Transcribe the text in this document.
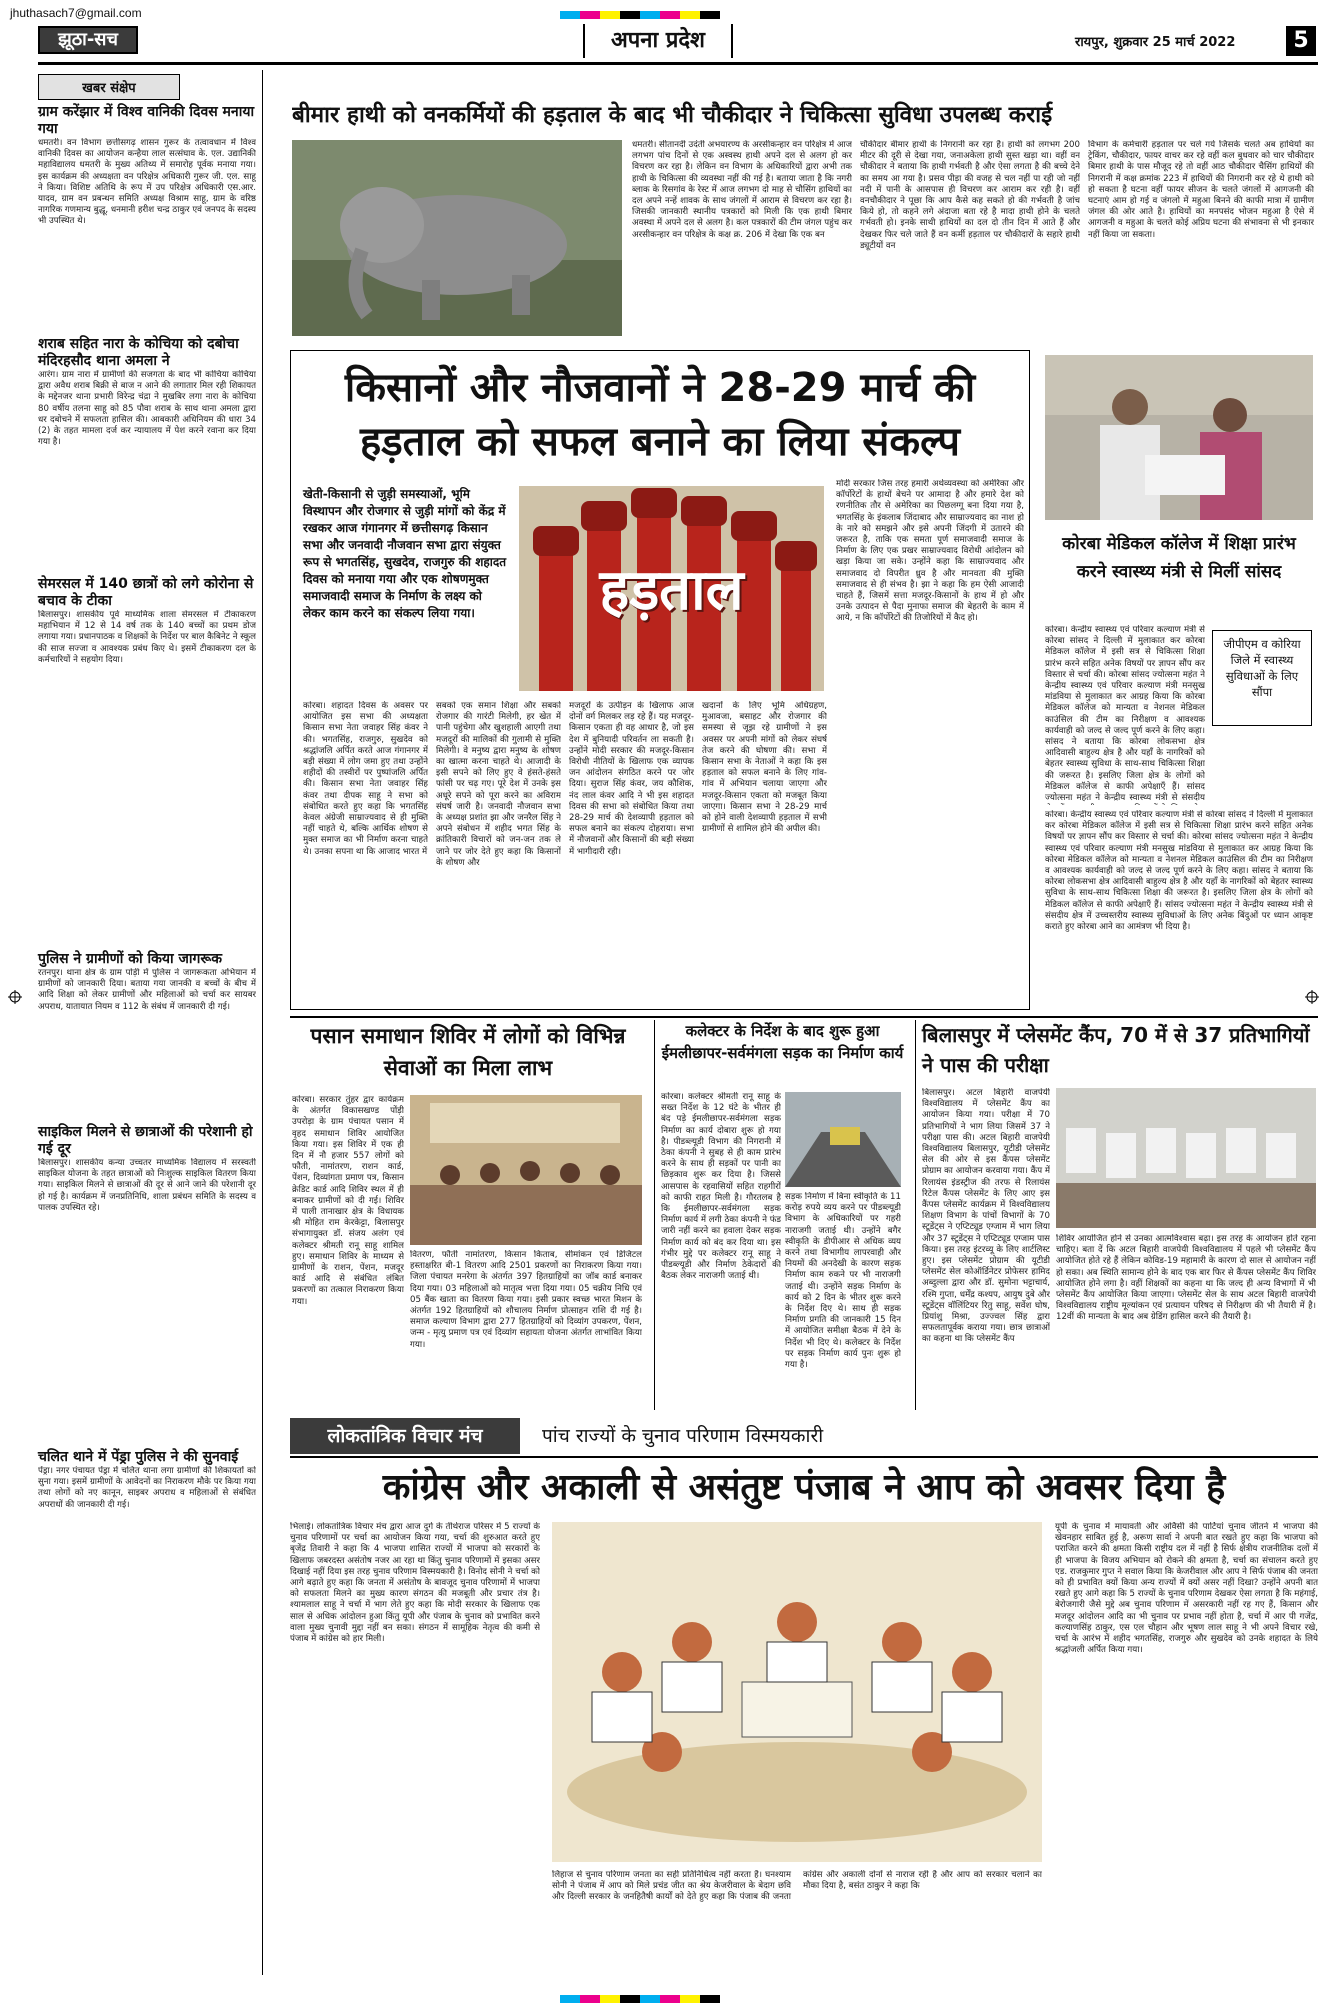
jhuthasach7@gmail.com
झूठा-सच	अपना प्रदेश	रायपुर, शुक्रवार 25 मार्च 2022	5
खबर संक्षेप
ग्राम करेंझार में विश्व वानिकी दिवस मनाया गया
धमतरी। वन विभाग छत्तीसगढ़ शासन गुरूर के तत्वावधान में विश्व वानिकी दिवस का आयोजन कन्हैया लाल सत्संघाव के. एल. उद्यानिकी महाविद्यालय धमतरी के मुख्य अतिथ्य में समारोह पूर्वक मनाया गया। इस कार्यक्रम की अध्यक्षता वन परिक्षेत्र अधिकारी गुरूर जी. एल. साहू ने किया। विशिष्ट अतिथि के रूप में उप परिक्षेत्र अधिकारी एस.आर. यादव, ग्राम वन प्रबन्धन समिति अध्यक्ष विश्राम साहू, ग्राम के वरिष्ठ नागरिक गणमान्य बुद्धू, धनमानी हरीश चन्द्र ठाकुर एवं जनपद के सदस्य भी उपस्थित थे।
शराब सहित नारा के कोचिया को दबोचा मंदिरहसौद थाना अमला ने
आरंग। ग्राम नारा में ग्रामीणों की सजगता के बाद भी कोचिया कोचिया द्वारा अवैध शराब बिक्री से बाज न आने की लगातार मिल रही शिकायत के मद्देनजर थाना प्रभारी विरेन्द्र चंद्रा ने मुखबिर लगा नारा के कोचिया 80 वर्षीय तलना साहू को 85 पौवा शराब के साथ थाना अमला द्वारा धर दबोचने में सफलता हासिल की। आबकारी अधिनियम की धारा 34 (2) के तहत मामला दर्ज कर न्यायालय में पेश करने रवाना कर दिया गया है।
सेमरसल में 140 छात्रों को लगे कोरोना से बचाव के टीका
बिलासपुर। शासकीय पूर्व माध्यमिक शाला सेमरसल में टीकाकरण महाभियान में 12 से 14 वर्ष तक के 140 बच्चों का प्रथम डोज लगाया गया। प्रधानपाठक व शिक्षकों के निर्देश पर बाल कैबिनेट ने स्कूल की साज सज्जा व आवश्यक प्रबंध किए थे। इसमें टीकाकरण दल के कर्मचारियों ने सहयोग दिया।
पुलिस ने ग्रामीणों को किया जागरूक
रतनपुर। थाना क्षेत्र के ग्राम पोड़ी में पुलिस ने जागरूकता अभियान में ग्रामीणों को जानकारी दिया। बताया गया जानकी व बच्चों के बीच में आदि शिक्षा को लेकर ग्रामीणों और महिलाओं को चर्चा कर सायबर अपराध, यातायात नियम व 112 के संबंध में जानकारी दी गई।
साइकिल मिलने से छात्राओं की परेशानी हो गई दूर
बिलासपुर। शासकीय कन्या उच्चतर माध्यमिक विद्यालय में सरस्वती साइकिल योजना के तहत छात्राओं को निःशुल्क साइकिल वितरण किया गया। साइकिल मिलने से छात्राओं की दूर से आने जाने की परेशानी दूर हो गई है। कार्यक्रम में जनप्रतिनिधि, शाला प्रबंधन समिति के सदस्य व पालक उपस्थित रहे।
चलित थाने में पेंड्रा पुलिस ने की सुनवाई
पेंड्रा। नगर पंचायत पेंड्रा में चलित थाना लगा ग्रामीणों की शिकायतों को सुना गया। इसमें ग्रामीणों के आवेदनों का निराकरण मौके पर किया गया तथा लोगों को नए कानून, साइबर अपराध व महिलाओं से संबंधित अपराधों की जानकारी दी गई।
बीमार हाथी को वनकर्मियों की हड़ताल के बाद भी चौकीदार ने चिकित्सा सुविधा उपलब्ध कराई
धमतरी। सीतानदी उदंती अभयारण्य के अरसीकन्हार वन परिक्षेत्र में आज लगभग पांच दिनों से एक अस्वस्थ हाथी अपने दल से अलग हो कर विचरण कर रहा है। लेकिन वन विभाग के अधिकारियों द्वारा अभी तक हाथी के चिकित्सा की व्यवस्था नहीं की गई है। बताया जाता है कि नगरी ब्लाक के रिसगांव के रेस्ट में आज लगभग दो माह से चौसिंग हाथियों का दल अपने नन्हें शावक के साथ जंगलों में आराम से विचरण कर रहा है। जिसकी जानकारी स्थानीय पत्रकारों को मिली कि एक हाथी बिमार अवस्था में अपने दल से अलग है। कल पत्रकारों की टीम जंगल पहुंच कर अरसीकन्हार वन परिक्षेत्र के कक्ष क्र. 206 में देखा कि एक बन
चौकीदार बीमार हाथी के निगरानी कर रहा है। हाथी को लगभग 200 मीटर की दूरी से देखा गया, जनाअकेला हाथी सुस्त खड़ा था। वहीं वन चौकीदार ने बताया कि हाथी गर्भवती है और ऐसा लगता है की बच्चे देने का समय आ गया है। प्रसव पीड़ा की वजह से चल नहीं पा रही जो नहीं नदी में पानी के आसपास ही विचरण कर आराम कर रही है। वहीं वनचौकीदार ने पूछा कि आप कैसे कह सकते हो की गर्भवती है जांच किये हो, तो कहने लगे अंदाजा बता रहे है मादा हाथी होने के चलते गर्भवती हो। इनके साथी हाथियों का दल दो तीन दिन में आते हैं और देखकर फिर चले जाते हैं वन कर्मी हड़ताल पर चौकीदारों के सहारे हाथी ड्यूटीयों वन
विभाग के कर्मचारी हड़ताल पर चले गये जिसके चलते अब हाथियों का ट्रेकिंग, चौकीदार, फायर वाचर कर रहे वहीं कल बुधवार को चार चौकीदार बिमार हाथी के पास मौजूद रहे तो वहीं आठ चौकीदार चैसिंग हाथियों की निगरानी में कक्ष क्रमांक 223 में हाथियों की निगरानी कर रहे थे हाथी को हो सकता है घटना वहीं फायर सीजन के चलते जंगलों में आगजनी की घटनाएं आम हो गई व जंगलो में महुआ बिनने की काफी मात्रा में ग्रामीण जंगल की ओर आते है। हाथियों का मनपसंद भोजन महुआ है ऐसे में आगजनी व महुआ के चलते कोई अप्रिय घटना की संभावना से भी इनकार नहीं किया जा सकता।
किसानों और नौजवानों ने 28-29 मार्च की
हड़ताल को सफल बनाने का लिया संकल्प
खेती-किसानी से जुड़ी समस्याओं, भूमि विस्थापन और रोजगार से जुड़ी मांगों को केंद्र में रखकर आज गंगानगर में छत्तीसगढ़ किसान सभा और जनवादी नौजवान सभा द्वारा संयुक्त रूप से भगतसिंह, सुखदेव, राजगुरु की शहादत दिवस को मनाया गया और एक शोषणमुक्त समाजवादी समाज के निर्माण के लक्ष्य को लेकर काम करने का संकल्प लिया गया।	हड़ताल
मोदी सरकार जिस तरह हमारी अर्थव्यवस्था को अमेरिका और कॉर्पोरेटों के हाथों बेचने पर आमादा है और हमारे देश को रणनीतिक तौर से अमेरिका का पिछलग्गू बना दिया गया है, भगतसिंह के इंकलाब जिंदाबाद और साम्राज्यवाद का नाश हो के नारे को समझने और इसे अपनी जिंदगी में उतारने की जरूरत है, ताकि एक समता पूर्ण समाजवादी समाज के निर्माण के लिए एक प्रखर साम्राज्यवाद विरोधी आंदोलन को खड़ा किया जा सके। उन्होंने कहा कि साम्राज्यवाद और समाजवाद दो विपरीत ध्रुव है और मानवता की मुक्ति समाजवाद से ही संभव है। झा ने कहा कि हम ऐसी आजादी चाहते हैं, जिसमें सत्ता मजदूर-किसानों के हाथ में हो और उनके उत्पादन से पैदा मुनाफा समाज की बेहतरी के काम में आये, न कि कॉर्पोरेटों की तिजोरियों में कैद हो।
कोरबा। शहादत दिवस के अवसर पर आयोजित इस सभा की अध्यक्षता किसान सभा नेता जवाहर सिंह कंवर ने की। भगतसिंह, राजगुरु, सुखदेव को श्रद्धांजलि अर्पित करते आज गंगानगर में बड़ी संख्या में लोग जमा हुए तथा उन्होंने शहीदों की तस्वीरों पर पुष्पांजलि अर्पित की। किसान सभा नेता जवाहर सिंह कंवर तथा दीपक साहू ने सभा को संबोधित करते हुए कहा कि भगतसिंह केवल अंग्रेजी साम्राज्यवाद से ही मुक्ति नहीं चाहते थे, बल्कि आर्थिक शोषण से मुक्त समाज का भी निर्माण करना चाहते थे। उनका सपना था कि आजाद भारत में
सबको एक समान शिक्षा और सबको रोजगार की गारंटी मिलेगी, हर खेत में पानी पहुंचेगा और खुशहाली आएगी तथा मजदूरों की मालिकों की गुलामी से मुक्ति मिलेगी। वे मनुष्य द्वारा मनुष्य के शोषण का खात्मा करना चाहते थे। आजादी के इसी सपने को लिए हुए वे हंसते-हंसते फांसी पर चढ़ गए। पूरे देश में उनके इस अधूरे सपने को पूरा करने का अविराम संघर्ष जारी है। जनवादी नौजवान सभा के अध्यक्ष प्रशांत झा और जनरैल सिंह ने अपने संबोधन में शहीद भगत सिंह के क्रांतिकारी विचारों को जन-जन तक ले जाने पर जोर देते हुए कहा कि किसानों के शोषण और
मजदूरों के उत्पीड़न के खिलाफ आज दोनों वर्ग मिलकर लड़ रहे हैं। यह मजदूर-किसान एकता ही वह आधार है, जो इस देश में बुनियादी परिवर्तन ला सकती है। उन्होंने मोदी सरकार की मजदूर-किसान विरोधी नीतियों के खिलाफ एक व्यापक जन आंदोलन संगठित करने पर जोर दिया। सुराज सिंह कंवर, जय कौशिक, नंद लाल कंवर आदि ने भी इस शहादत दिवस की सभा को संबोधित किया तथा 28-29 मार्च की देशव्यापी हड़ताल को सफल बनाने का संकल्प दोहराया। सभा में नौजवानों और किसानों की बड़ी संख्या में भागीदारी रही।
खदानों के लिए भूमि अधिग्रहण, मुआवजा, बसाहट और रोजगार की समस्या से जूझ रहे ग्रामीणों ने इस अवसर पर अपनी मांगों को लेकर संघर्ष तेज करने की घोषणा की। सभा में किसान सभा के नेताओं ने कहा कि इस हड़ताल को सफल बनाने के लिए गांव-गांव में अभियान चलाया जाएगा और मजदूर-किसान एकता को मजबूत किया जाएगा। किसान सभा ने 28-29 मार्च को होने वाली देशव्यापी हड़ताल में सभी ग्रामीणों से शामिल होने की अपील की।
कोरबा मेडिकल कॉलेज में शिक्षा प्रारंभ करने स्वास्थ्य मंत्री से मिलीं सांसद
कोरबा। केन्द्रीय स्वास्थ्य एवं परिवार कल्याण मंत्री से कोरबा सांसद ने दिल्ली में मुलाकात कर कोरबा मेडिकल कॉलेज में इसी सत्र से चिकित्सा शिक्षा प्रारंभ करने सहित अनेक विषयों पर ज्ञापन सौंप कर विस्तार से चर्चा की। कोरबा सांसद ज्योत्सना महंत ने केन्द्रीय स्वास्थ्य एवं परिवार कल्याण मंत्री मनसुख मांडविया से मुलाकात कर आग्रह किया कि कोरबा मेडिकल कॉलेज को मान्यता व नेशनल मेडिकल काउंसिल की टीम का निरीक्षण व आवश्यक कार्यवाही को जल्द से जल्द पूर्ण करने के लिए कहा। सांसद ने बताया कि कोरबा लोकसभा क्षेत्र आदिवासी बाहुल्य क्षेत्र है और यहाँ के नागरिकों को बेहतर स्वास्थ्य सुविधा के साथ-साथ चिकित्सा शिक्षा की जरूरत है। इसलिए जिला क्षेत्र के लोगों को मेडिकल कॉलेज से काफी अपेक्षाएँ हैं। सांसद ज्योत्सना महंत ने केन्द्रीय स्वास्थ्य मंत्री से संसदीय
जीपीएम व कोरिया जिले में स्वास्थ्य सुविधाओं के लिए सौंपा
कोरबा। केन्द्रीय स्वास्थ्य एवं परिवार कल्याण मंत्री से कोरबा सांसद ने दिल्ली में मुलाकात कर कोरबा मेडिकल कॉलेज में इसी सत्र से चिकित्सा शिक्षा प्रारंभ करने सहित अनेक विषयों पर ज्ञापन सौंप कर विस्तार से चर्चा की। कोरबा सांसद ज्योत्सना महंत ने केन्द्रीय स्वास्थ्य एवं परिवार कल्याण मंत्री मनसुख मांडविया से मुलाकात कर आग्रह किया कि कोरबा मेडिकल कॉलेज को मान्यता व नेशनल मेडिकल काउंसिल की टीम का निरीक्षण व आवश्यक कार्यवाही को जल्द से जल्द पूर्ण करने के लिए कहा। सांसद ने बताया कि कोरबा लोकसभा क्षेत्र आदिवासी बाहुल्य क्षेत्र है और यहाँ के नागरिकों को बेहतर स्वास्थ्य सुविधा के साथ-साथ चिकित्सा शिक्षा की जरूरत है। इसलिए जिला क्षेत्र के लोगों को मेडिकल कॉलेज से काफी अपेक्षाएँ हैं। सांसद ज्योत्सना महंत ने केन्द्रीय स्वास्थ्य मंत्री से संसदीय क्षेत्र में उच्चस्तरीय स्वास्थ्य सुविधाओं के लिए अनेक बिंदुओं पर ध्यान आकृष्ट कराते हुए कोरबा आने का आमंत्रण भी दिया है।
पसान समाधान शिविर में लोगों को विभिन्न सेवाओं का मिला लाभ
कोरबा। सरकार तुंहर द्वार कार्यक्रम के अंतर्गत विकासखण्ड पोंड़ी उपरोड़ा के ग्राम पंचायत पसान में वृहद समाधान शिविर आयोजित किया गया। इस शिविर में एक ही दिन में नौ हजार 557 लोगों को फौती, नामांतरण, राशन कार्ड, पेंशन, दिव्यांगता प्रमाण पत्र, किसान क्रेडिट कार्ड आदि शिविर स्थल में ही बनाकर ग्रामीणों को दी गई। शिविर में पाली तानाखार क्षेत्र के विधायक श्री मोहित राम केरकेट्टा, बिलासपुर संभागायुक्त डॉ. संजय अलंग एवं कलेक्टर श्रीमती रानू साहू शामिल हुए। समाधान शिविर के माध्यम से ग्रामीणों के राशन, पेंशन, मजदूर कार्ड आदि से संबंधित लंबित प्रकरणों का तत्काल निराकरण किया गया।
वितरण, फौती नामांतरण, किसान किताब, सीमांकन एवं डिजिटल हस्ताक्षरित बी-1 वितरण आदि 2501 प्रकरणों का निराकरण किया गया। जिला पंचायत मनरेगा के अंतर्गत 397 हितग्राहियों का जॉब कार्ड बनाकर दिया गया। 03 महिलाओं को मातृत्व भत्ता दिया गया। 05 चक्रीय निधि एवं 05 बैंक खाता का वितरण किया गया। इसी प्रकार स्वच्छ भारत मिशन के अंतर्गत 192 हितग्राहियों को शौचालय निर्माण प्रोत्साहन राशि दी गई है। समाज कल्याण विभाग द्वारा 277 हितग्राहियों को दिव्यांग उपकरण, पेंशन, जन्म - मृत्यु प्रमाण पत्र एवं दिव्यांग सहायता योजना अंतर्गत लाभांवित किया गया।
कलेक्टर के निर्देश के बाद शुरू हुआ ईमलीछापर-सर्वमंगला सड़क का निर्माण कार्य
कोरबा। कलेक्टर श्रीमती रानू साहू के सख्त निर्देश के 12 घंटे के भीतर ही बंद पड़े ईमलीछापर-सर्वमंगला सड़क निर्माण का कार्य दोबारा शुरू हो गया है। पीडब्ल्यूडी विभाग की निगरानी में ठेका कंपनी ने सुबह से ही काम प्रारंभ करने के साथ ही सड़कों पर पानी का छिड़काव शुरू कर दिया है। जिससे आसपास के रहवासियों सहित राहगीरों को काफी राहत मिली है। गौरतलब है कि ईमलीछापर-सर्वमंगला सड़क निर्माण कार्य में लगी ठेका कंपनी ने फंड जारी नहीं करने का हवाला देकर सड़क निर्माण कार्य को बंद कर दिया था। इस गंभीर मुद्दे पर कलेक्टर रानू साहू ने पीडब्ल्यूडी और निर्माण ठेकेदारों की बैठक लेकर नाराजगी जताई थी।
सड़क निर्माण में बिना स्वीकृति के 11 करोड़ रुपये व्यय करने पर पीडब्ल्यूडी विभाग के अधिकारियों पर गहरी नाराजगी जताई थी। उन्होंने बगैर स्वीकृति के डीपीआर से अधिक व्यय करने तथा विभागीय लापरवाही और नियमों की अनदेखी के कारण सड़क निर्माण काम रुकने पर भी नाराजगी जताई थी। उन्होंने सड़क निर्माण के कार्य को 2 दिन के भीतर शुरू करने के निर्देश दिए थे। साथ ही सड़क निर्माण प्रगति की जानकारी 15 दिन में आयोजित समीक्षा बैठक में देने के निर्देश भी दिए थे। कलेक्टर के निर्देश पर सड़क निर्माण कार्य पुनः शुरू हो गया है।
बिलासपुर में प्लेसमेंट कैंप, 70 में से 37 प्रतिभागियों ने पास की परीक्षा
बिलासपुर। अटल बिहारी वाजपेयी विश्वविद्यालय में प्लेसमेंट कैंप का आयोजन किया गया। परीक्षा में 70 प्रतिभागियों ने भाग लिया जिसमें 37 ने परीक्षा पास की। अटल बिहारी वाजपेयी विश्वविद्यालय बिलासपुर, यूटीडी प्लेसमेंट सेल की ओर से इस कैंपस प्लेसमेंट प्रोग्राम का आयोजन करवाया गया। कैंप में रिलायंस इंडस्ट्रीज की तरफ से रिलायंस रिटेल कैंपस प्लेसमेंट के लिए आए इस कैंपस प्लेसमेंट कार्यक्रम में विश्वविद्यालय शिक्षण विभाग के पांचों विभागों के 70 स्टूडेंट्स ने एप्टिट्यूड एग्जाम में भाग लिया और 37 स्टूडेंट्स ने एप्टिट्यूड एग्जाम पास किया। इस तरह इंटरव्यू के लिए शार्टलिस्ट हुए। इस प्लेसमेंट प्रोग्राम की यूटीडी प्लेसमेंट सेल कोऑर्डिनेटर प्रोफेसर हामिद अब्दुल्ला द्वारा और डॉ. सुमोना भट्टाचार्य, रश्मि गुप्ता, धर्मेंद्र कश्यप, आयुष दुबे और स्टूडेंट्स वॉलिंटियर रितु साहू, सर्वेश घोष, प्रियांशु मिश्रा, उज्ज्वल सिंह द्वारा सफलतापूर्वक कराया गया। छात्र छात्राओं का कहना था कि प्लेसमेंट कैंप
शिविर आयोजित होने से उनका आत्मविश्वास बढ़ा। इस तरह के आयोजन होते रहना चाहिए। बता दें कि अटल बिहारी वाजपेयी विश्वविद्यालय में पहले भी प्लेसमेंट कैंप आयोजित होते रहे हैं लेकिन कोविड-19 महामारी के कारण दो साल से आयोजन नहीं हो सका। अब स्थिति सामान्य होने के बाद एक बार फिर से कैंपस प्लेसमेंट कैंप शिविर आयोजित होने लगा है। वहीं शिक्षकों का कहना था कि जल्द ही अन्य विभागों में भी प्लेसमेंट कैंप आयोजित किया जाएगा। प्लेसमेंट सेल के साथ अटल बिहारी वाजपेयी विश्वविद्यालय राष्ट्रीय मूल्यांकन एवं प्रत्यायन परिषद से निरीक्षण की भी तैयारी में है। 12वीं की मान्यता के बाद अब ग्रेडिंग हासिल करने की तैयारी है।
लोकतांत्रिक विचार मंच	पांच राज्यों के चुनाव परिणाम विस्मयकारी
कांग्रेस और अकाली से असंतुष्ट पंजाब ने आप को अवसर दिया है
भिलाई। लोकतांत्रिक विचार मंच द्वारा आज दुर्ग के तीर्थराज परिसर में 5 राज्यों के चुनाव परिणामों पर चर्चा का आयोजन किया गया, चर्चा की शुरुआत करते हुए बृजेंद्र तिवारी ने कहा कि 4 भाजपा शासित राज्यों में भाजपा को सरकारों के खिलाफ जबरदस्त असंतोष नजर आ रहा था किंतु चुनाव परिणामों में इसका असर दिखाई नहीं दिया इस तरह चुनाव परिणाम विस्मयकारी है। विनोद सोनी ने चर्चा को आगे बढ़ाते हुए कहा कि जनता में असंतोष के बावजूद चुनाव परिणामों में भाजपा को सफलता मिलने का मुख्य कारण संगठन की मजबूती और प्रचार तंत्र है। श्यामलाल साहू ने चर्चा में भाग लेते हुए कहा कि मोदी सरकार के खिलाफ एक साल से अधिक आंदोलन हुआ किंतु यूपी और पंजाब के चुनाव को प्रभावित करने वाला मुख्य चुनावी मुद्दा नहीं बन सका। संगठन में सामूहिक नेतृत्व की कमी से पंजाब में कांग्रेस को हार मिली।
लिहाज से चुनाव परिणाम जनता का सही प्रतिनिधित्व नहीं करता है। घनश्याम सोनी ने पंजाब में आप को मिले प्रचंड जीत का श्रेय केजरीवाल के बेदाग छवि और दिल्ली सरकार के जनहितैषी कार्यों को देते हुए कहा कि पंजाब की जनता कांग्रेस और अकाली दोनों से नाराज रही है और आप को सरकार चलाने का मौका दिया है, बसंत ठाकुर ने कहा कि
यूपी के चुनाव में मायावती और ओवैसी की पार्टियां चुनाव जीतने में भाजपा की खेवनहार साबित हुई है, अरूण सार्वा ने अपनी बात रखते हुए कहा कि भाजपा को पराजित करने की क्षमता किसी राष्ट्रीय दल में नहीं है सिर्फ क्षेत्रीय राजनीतिक दलों में ही भाजपा के विजय अभियान को रोकने की क्षमता है, चर्चा का संचालन करते हुए एड. राजकुमार गुप्त ने सवाल किया कि केजरीवाल और आप ने सिर्फ पंजाब की जनता को ही प्रभावित क्यों किया अन्य राज्यों में क्यों असर नहीं दिखा? उन्होंने अपनी बात रखते हुए आगे कहा कि 5 राज्यों के चुनाव परिणाम देखकर ऐसा लगता है कि महंगाई, बेरोजगारी जैसे मुद्दे अब चुनाव परिणाम में असरकारी नहीं रह गए हैं, किसान और मजदूर आंदोलन आदि का भी चुनाव पर प्रभाव नहीं होता है, चर्चा में आर पी गजेंद्र, कल्याणसिंह ठाकुर, एस एल चौहान और भूषण लाल साहू ने भी अपने विचार रखे, चर्चा के आरंभ में शहीद भगतसिंह, राजगुरु और सुखदेव को उनके शहादत के लिये श्रद्धांजली अर्पित किया गया।
